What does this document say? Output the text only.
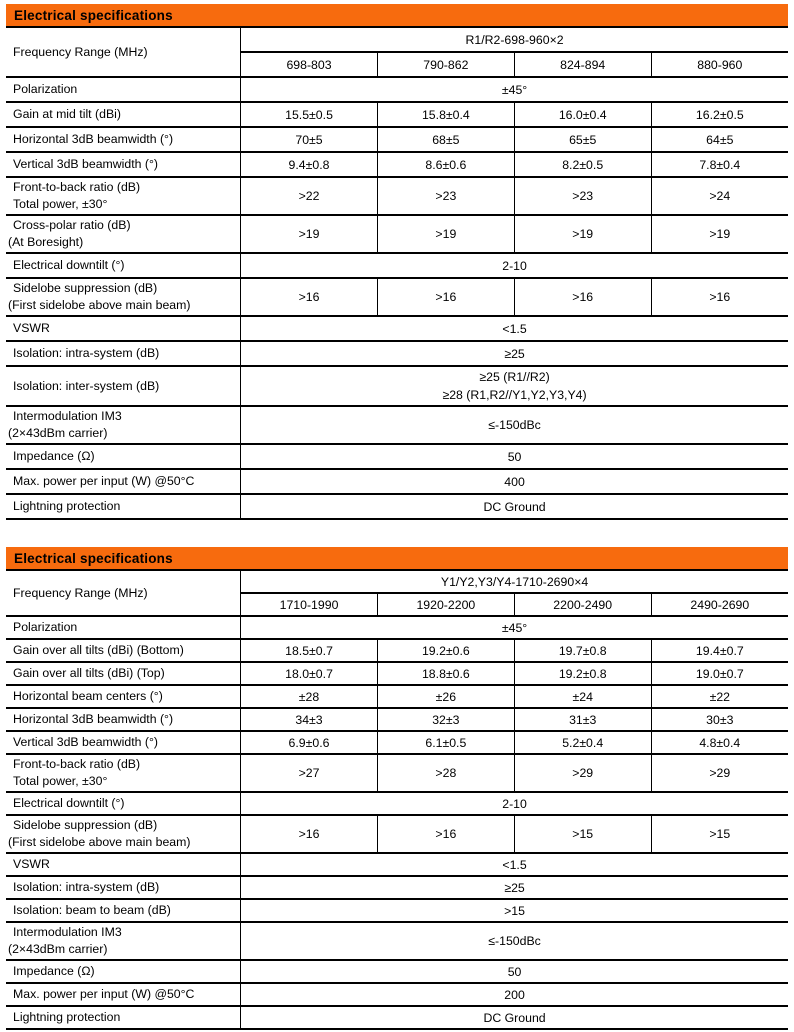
Electrical specifications
Frequency Range (MHz)	R1/R2-698-960×2			
	698-803	790-862	824-894	880-960

Polarization	±45°			

Gain at mid tilt (dBi)	15.5±0.5	15.8±0.4	16.0±0.4	16.2±0.5

Horizontal 3dB beamwidth (°)	70±5	68±5	65±5	64±5

Vertical 3dB beamwidth (°)	9.4±0.8	8.6±0.6	8.2±0.5	7.8±0.4

Front-to-back ratio (dB)
Total power, ±30°	>22	>23	>23	>24

Cross-polar ratio (dB)
(At Boresight)	>19	>19	>19	>19

Electrical downtilt (°)	2-10			

Sidelobe suppression (dB)
(First sidelobe above main beam)	>16	>16	>16	>16

VSWR	<1.5			

Isolation: intra-system (dB)	≥25			

Isolation: inter-system (dB)	≥25 (R1//R2)
≥28 (R1,R2//Y1,Y2,Y3,Y4)			

Intermodulation IM3
(2×43dBm carrier)	≤-150dBc			

Impedance (Ω)	50			

Max. power per input (W) @50°C	400			

Lightning protection	DC Ground			
Electrical specifications
Frequency Range (MHz)	Y1/Y2,Y3/Y4-1710-2690×4			
	1710-1990	1920-2200	2200-2490	2490-2690

Polarization	±45°			

Gain over all tilts (dBi) (Bottom)	18.5±0.7	19.2±0.6	19.7±0.8	19.4±0.7

Gain over all tilts (dBi) (Top)	18.0±0.7	18.8±0.6	19.2±0.8	19.0±0.7

Horizontal beam centers (°)	±28	±26	±24	±22

Horizontal 3dB beamwidth (°)	34±3	32±3	31±3	30±3

Vertical 3dB beamwidth (°)	6.9±0.6	6.1±0.5	5.2±0.4	4.8±0.4

Front-to-back ratio (dB)
Total power, ±30°	>27	>28	>29	>29

Electrical downtilt (°)	2-10			

Sidelobe suppression (dB)
(First sidelobe above main beam)	>16	>16	>15	>15

VSWR	<1.5			

Isolation: intra-system (dB)	≥25			

Isolation: beam to beam (dB)	>15			

Intermodulation IM3
(2×43dBm carrier)	≤-150dBc			

Impedance (Ω)	50			

Max. power per input (W) @50°C	200			

Lightning protection	DC Ground			
